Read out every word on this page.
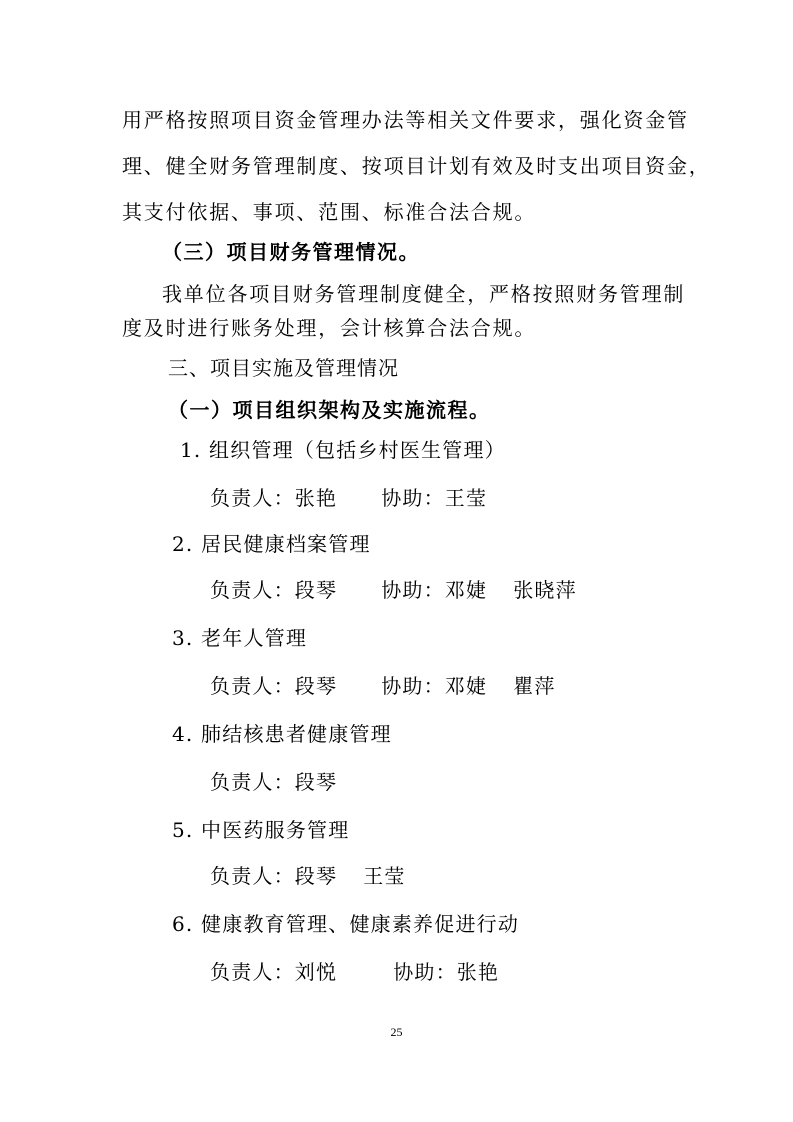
用严格按照项目资金管理办法等相关文件要求，强化资金管
理、健全财务管理制度、按项目计划有效及时支出项目资金，
其支付依据、事项、范围、标准合法合规。
（三）项目财务管理情况。
我单位各项目财务管理制度健全，严格按照财务管理制
度及时进行账务处理，会计核算合法合规。
三、项目实施及管理情况
（一）项目组织架构及实施流程。
1. 组织管理（包括乡村医生管理）
负责人：张艳 协助：王莹
2. 居民健康档案管理
负责人：段琴 协助：邓婕 张晓萍
3. 老年人管理
负责人：段琴 协助：邓婕 瞿萍
4. 肺结核患者健康管理
负责人：段琴
5. 中医药服务管理
负责人：段琴 王莹
6. 健康教育管理、健康素养促进行动
负责人：刘悦	协助：张艳
25
